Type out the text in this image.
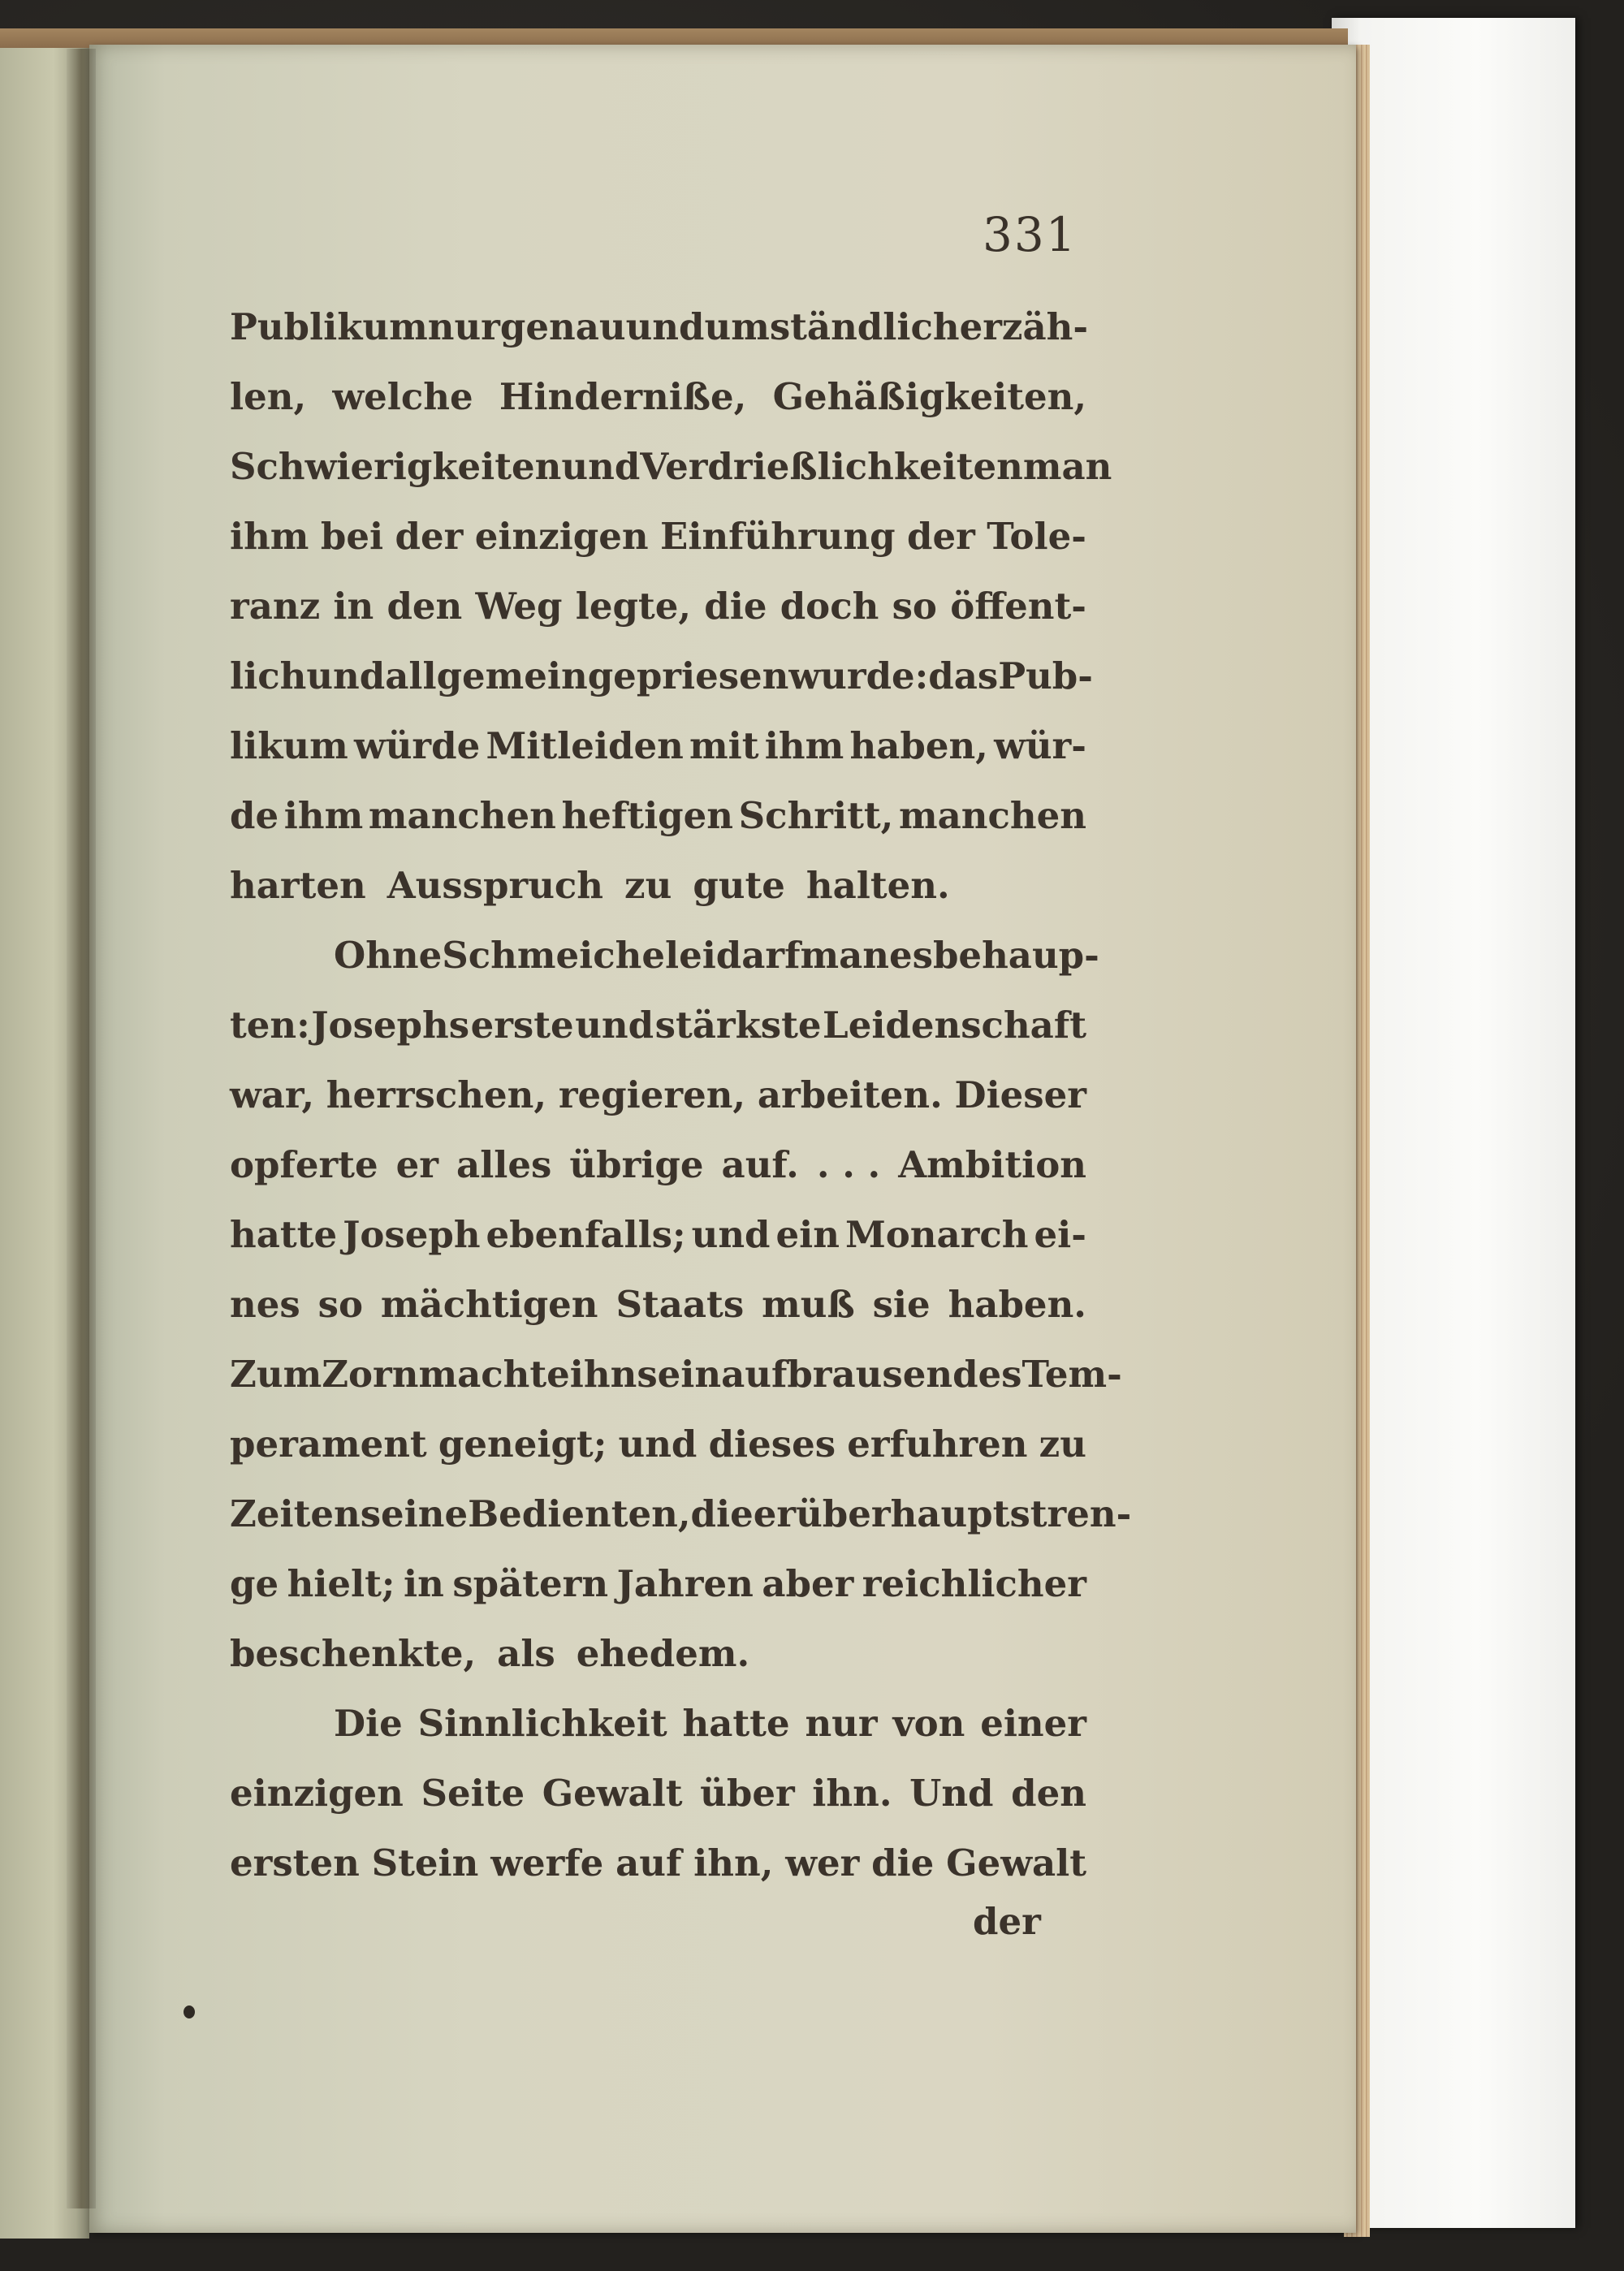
331
Publikum nur genau und umständlich erzäh-
len, welche Hinderniße, Gehäßigkeiten,
Schwierigkeiten und Verdrießlichkeiten man
ihm bei der einzigen Einführung der Tole-
ranz in den Weg legte, die doch so öffent-
lich und allgemein gepriesen wurde: das Pub-
likum würde Mitleiden mit ihm haben, wür-
de ihm manchen heftigen Schritt, manchen
harten Ausspruch zu gute halten.
Ohne Schmeichelei darf man es behaup-
ten: Josephs erste und stärkste Leidenschaft
war, herrschen, regieren, arbeiten. Dieser
opferte er alles übrige auf. . . . Ambition
hatte Joseph ebenfalls; und ein Monarch ei-
nes so mächtigen Staats muß sie haben.
Zum Zorn machte ihn sein aufbrausendes Tem-
perament geneigt; und dieses erfuhren zu
Zeiten seine Bedienten, die er überhaupt stren-
ge hielt; in spätern Jahren aber reichlicher
beschenkte, als ehedem.
Die Sinnlichkeit hatte nur von einer
einzigen Seite Gewalt über ihn. Und den
ersten Stein werfe auf ihn, wer die Gewalt
der
